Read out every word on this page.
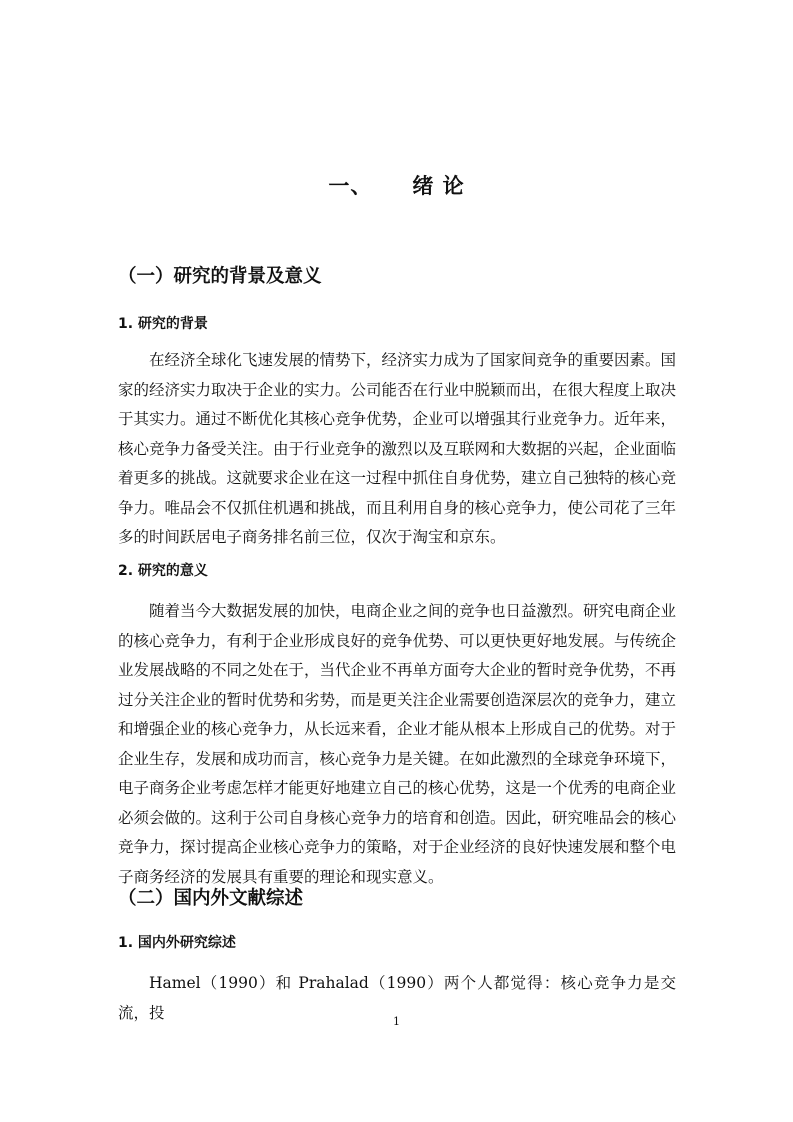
一、 绪 论
（一）研究的背景及意义
1. 研究的背景
在经济全球化飞速发展的情势下，经济实力成为了国家间竞争的重要因素。国家的经济实力取决于企业的实力。公司能否在行业中脱颖而出，在很大程度上取决于其实力。通过不断优化其核心竞争优势，企业可以增强其行业竞争力。近年来，核心竞争力备受关注。由于行业竞争的激烈以及互联网和大数据的兴起，企业面临着更多的挑战。这就要求企业在这一过程中抓住自身优势，建立自己独特的核心竞争力。唯品会不仅抓住机遇和挑战，而且利用自身的核心竞争力，使公司花了三年多的时间跃居电子商务排名前三位，仅次于淘宝和京东。
2. 研究的意义
随着当今大数据发展的加快，电商企业之间的竞争也日益激烈。研究电商企业的核心竞争力，有利于企业形成良好的竞争优势、可以更快更好地发展。与传统企业发展战略的不同之处在于，当代企业不再单方面夸大企业的暂时竞争优势，不再过分关注企业的暂时优势和劣势，而是更关注企业需要创造深层次的竞争力，建立和增强企业的核心竞争力，从长远来看，企业才能从根本上形成自己的优势。对于企业生存，发展和成功而言，核心竞争力是关键。在如此激烈的全球竞争环境下，电子商务企业考虑怎样才能更好地建立自己的核心优势，这是一个优秀的电商企业必须会做的。这利于公司自身核心竞争力的培育和创造。因此，研究唯品会的核心竞争力，探讨提高企业核心竞争力的策略，对于企业经济的良好快速发展和整个电子商务经济的发展具有重要的理论和现实意义。
（二）国内外文献综述
1. 国内外研究综述
Hamel（1990）和 Prahalad（1990）两个人都觉得：核心竞争力是交流，投	1
